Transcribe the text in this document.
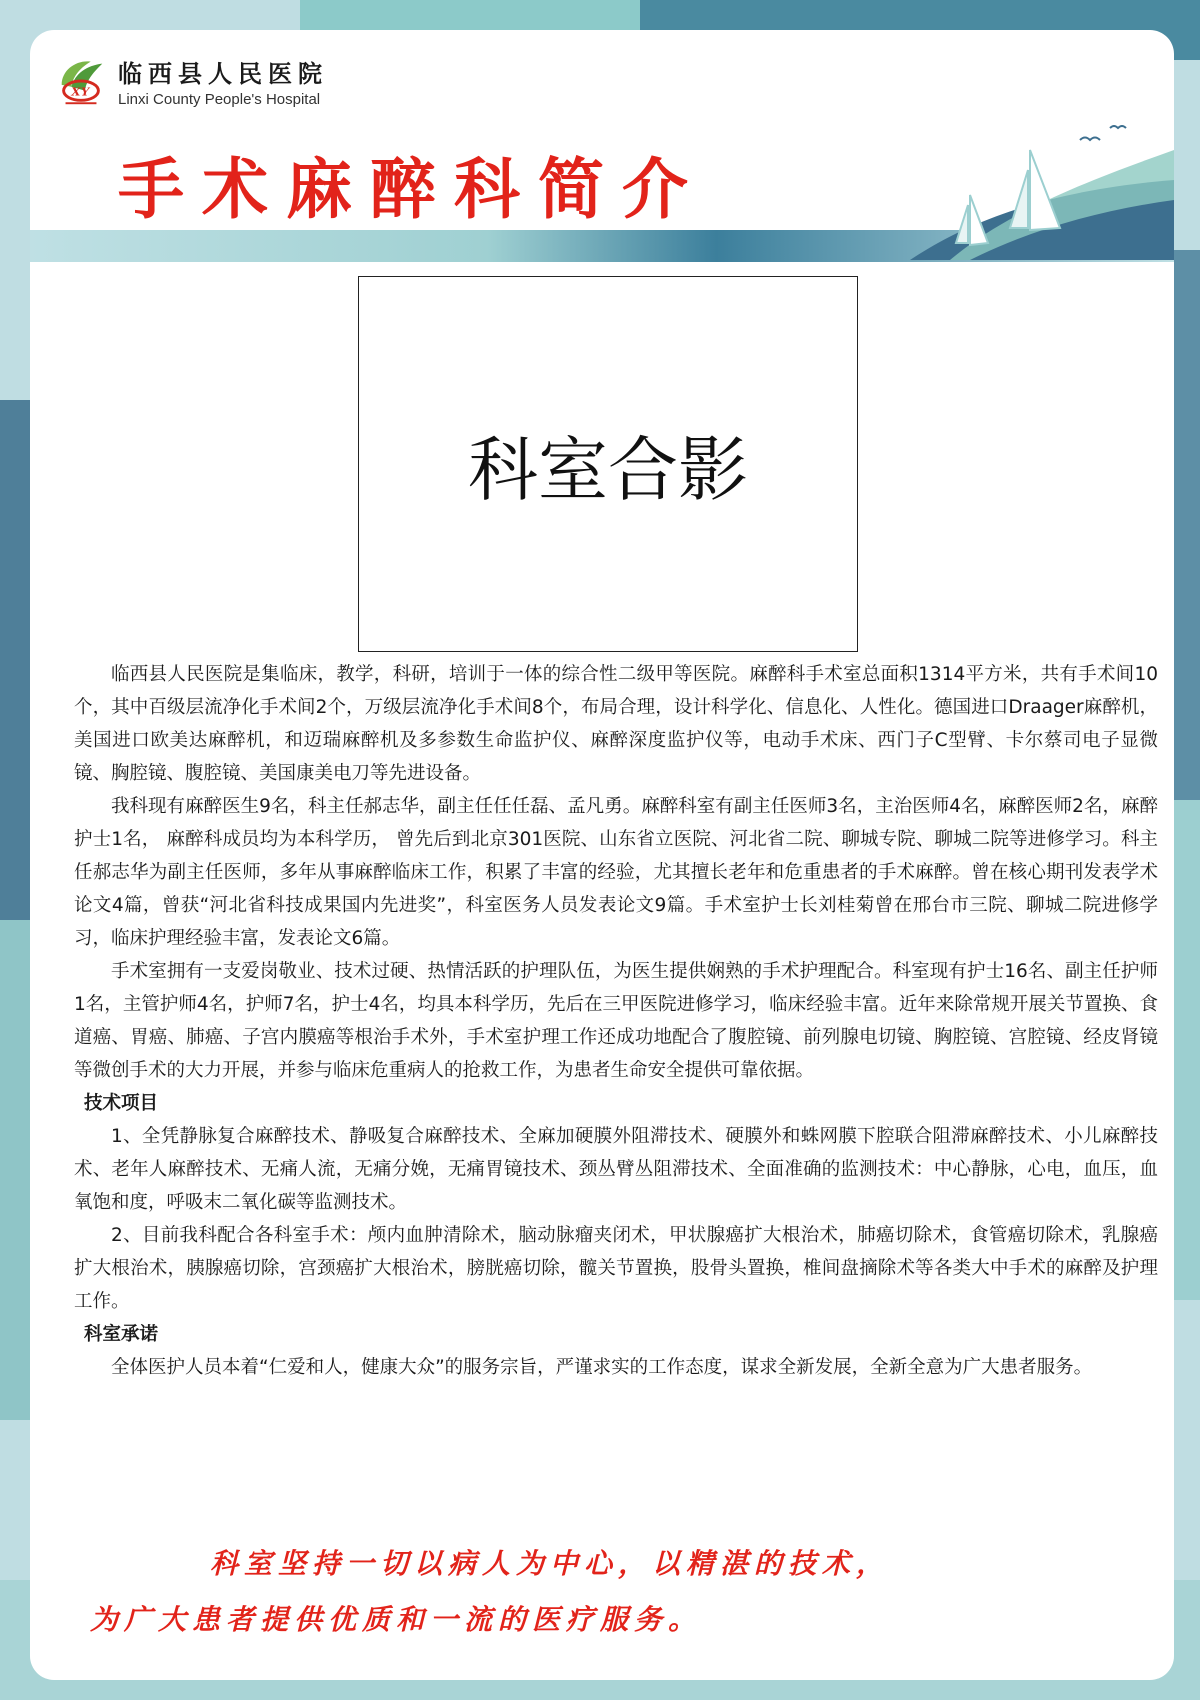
X Y
临西县人民医院
Linxi County People's Hospital
手术麻醉科简介
科室合影

临西县人民医院是集临床，教学，科研，培训于一体的综合性二级甲等医院。麻醉科手术室总面积1314平方米，共有手术间10个，其中百级层流净化手术间2个，万级层流净化手术间8个，布局合理，设计科学化、信息化、人性化。德国进口Draager麻醉机，美国进口欧美达麻醉机，和迈瑞麻醉机及多参数生命监护仪、麻醉深度监护仪等，电动手术床、西门子C型臂、卡尔蔡司电子显微镜、胸腔镜、腹腔镜、美国康美电刀等先进设备。

我科现有麻醉医生9名，科主任郝志华，副主任任任磊、孟凡勇。麻醉科室有副主任医师3名，主治医师4名，麻醉医师2名，麻醉护士1名， 麻醉科成员均为本科学历， 曾先后到北京301医院、山东省立医院、河北省二院、聊城专院、聊城二院等进修学习。科主任郝志华为副主任医师，多年从事麻醉临床工作，积累了丰富的经验，尤其擅长老年和危重患者的手术麻醉。曾在核心期刊发表学术论文4篇，曾获“河北省科技成果国内先进奖”，科室医务人员发表论文9篇。手术室护士长刘桂菊曾在邢台市三院、聊城二院进修学习，临床护理经验丰富，发表论文6篇。

手术室拥有一支爱岗敬业、技术过硬、热情活跃的护理队伍，为医生提供娴熟的手术护理配合。科室现有护士16名、副主任护师1名，主管护师4名，护师7名，护士4名，均具本科学历，先后在三甲医院进修学习，临床经验丰富。近年来除常规开展关节置换、食道癌、胃癌、肺癌、子宫内膜癌等根治手术外，手术室护理工作还成功地配合了腹腔镜、前列腺电切镜、胸腔镜、宫腔镜、经皮肾镜等微创手术的大力开展，并参与临床危重病人的抢救工作，为患者生命安全提供可靠依据。

技术项目

1、全凭静脉复合麻醉技术、静吸复合麻醉技术、全麻加硬膜外阻滞技术、硬膜外和蛛网膜下腔联合阻滞麻醉技术、小儿麻醉技术、老年人麻醉技术、无痛人流，无痛分娩，无痛胃镜技术、颈丛臂丛阻滞技术、全面准确的监测技术：中心静脉，心电，血压，血氧饱和度，呼吸末二氧化碳等监测技术。

2、目前我科配合各科室手术：颅内血肿清除术，脑动脉瘤夹闭术，甲状腺癌扩大根治术，肺癌切除术，食管癌切除术，乳腺癌扩大根治术，胰腺癌切除，宫颈癌扩大根治术，膀胱癌切除，髋关节置换，股骨头置换，椎间盘摘除术等各类大中手术的麻醉及护理工作。

科室承诺

全体医护人员本着“仁爱和人，健康大众”的服务宗旨，严谨求实的工作态度，谋求全新发展，全新全意为广大患者服务。

科室坚持一切以病人为中心，以精湛的技术，
为广大患者提供优质和一流的医疗服务。
